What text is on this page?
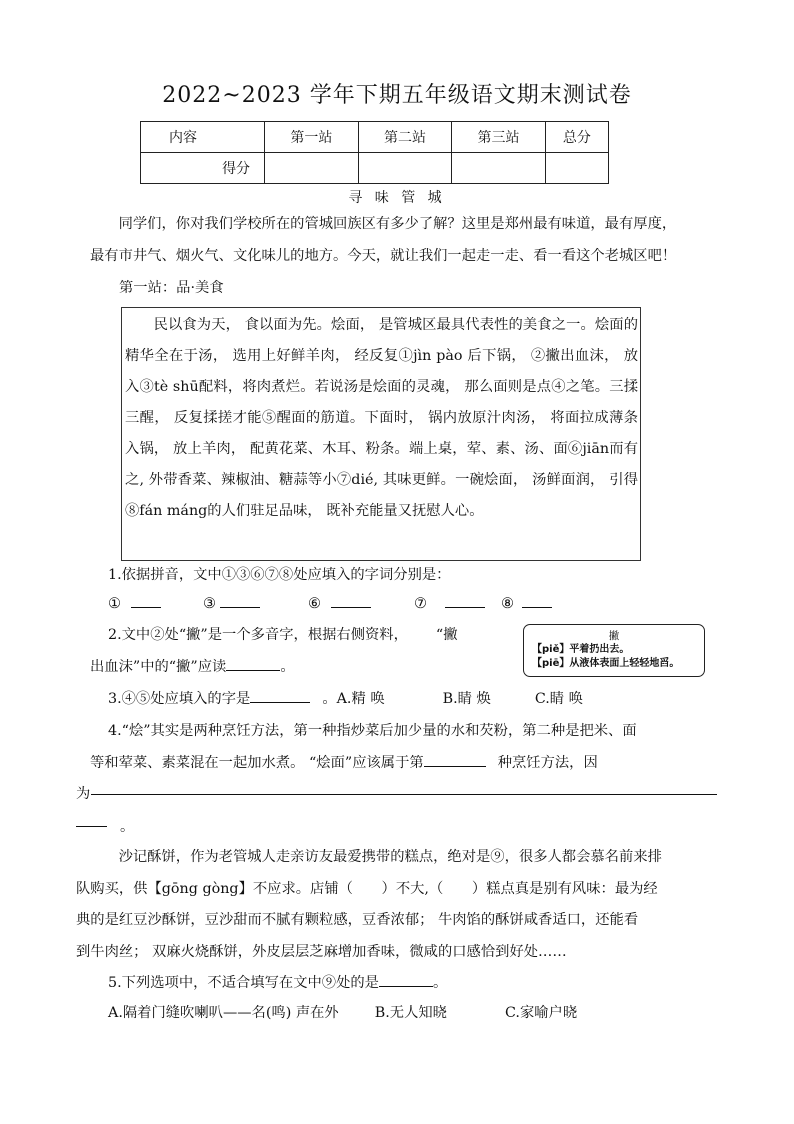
2022~2023 学年下期五年级语文期末测试卷
内容	第一站	第二站	第三站	总分
得分				
寻 味 管 城
同学们，你对我们学校所在的管城回族区有多少了解？这里是郑州最有味道，最有厚度，
最有市井气、烟火气、文化味儿的地方。今天，就让我们一起走一走、看一看这个老城区吧！
第一站：品·美食
民以食为天， 食以面为先。烩面， 是管城区最具代表性的美食之一。烩面的精华全在于汤， 选用上好鲜羊肉， 经反复①jìn pào 后下锅， ②撇出血沫， 放入③tè shū配料，将肉煮烂。若说汤是烩面的灵魂， 那么面则是点④之笔。三揉三醒， 反复揉搓才能⑤醒面的筋道。下面时， 锅内放原汁肉汤， 将面拉成薄条入锅， 放上羊肉， 配黄花菜、木耳、粉条。端上桌，荤、素、汤、面⑥jiān而有之, 外带香菜、辣椒油、糖蒜等小⑦dié, 其味更鲜。一碗烩面， 汤鲜面润， 引得⑧fán máng的人们驻足品味， 既补充能量又抚慰人心。
1.依据拼音，文中①③⑥⑦⑧处应填入的字词分别是：
①	③	⑥	⑦	⑧
2.文中②处“撇”是一个多音字，根据右侧资料， “撇
出血沫”中的“撇”应读	。
撇
【piě】平着扔出去。
【piē】从液体表面上轻轻地舀。
3.④⑤处应填入的字是	。A.精 唤	B.睛 焕	C.睛 唤
4.“烩”其实是两种烹饪方法，第一种指炒菜后加少量的水和芡粉，第二种是把米、面
等和荤菜、素菜混在一起加水煮。 “烩面”应该属于第	种烹饪方法，因
为
。
沙记酥饼，作为老管城人走亲访友最爱携带的糕点，绝对是⑨，很多人都会慕名前来排
队购买，供【gōng gòng】不应求。店铺（　　）不大,（　　）糕点真是别有风味：最为经
典的是红豆沙酥饼，豆沙甜而不腻有颗粒感，豆香浓郁； 牛肉馅的酥饼咸香适口，还能看
到牛肉丝； 双麻火烧酥饼，外皮层层芝麻增加香味，微咸的口感恰到好处……
5.下列选项中，不适合填写在文中⑨处的是	。
A.隔着门缝吹喇叭——名(鸣) 声在外	B.无人知晓	C.家喻户晓
